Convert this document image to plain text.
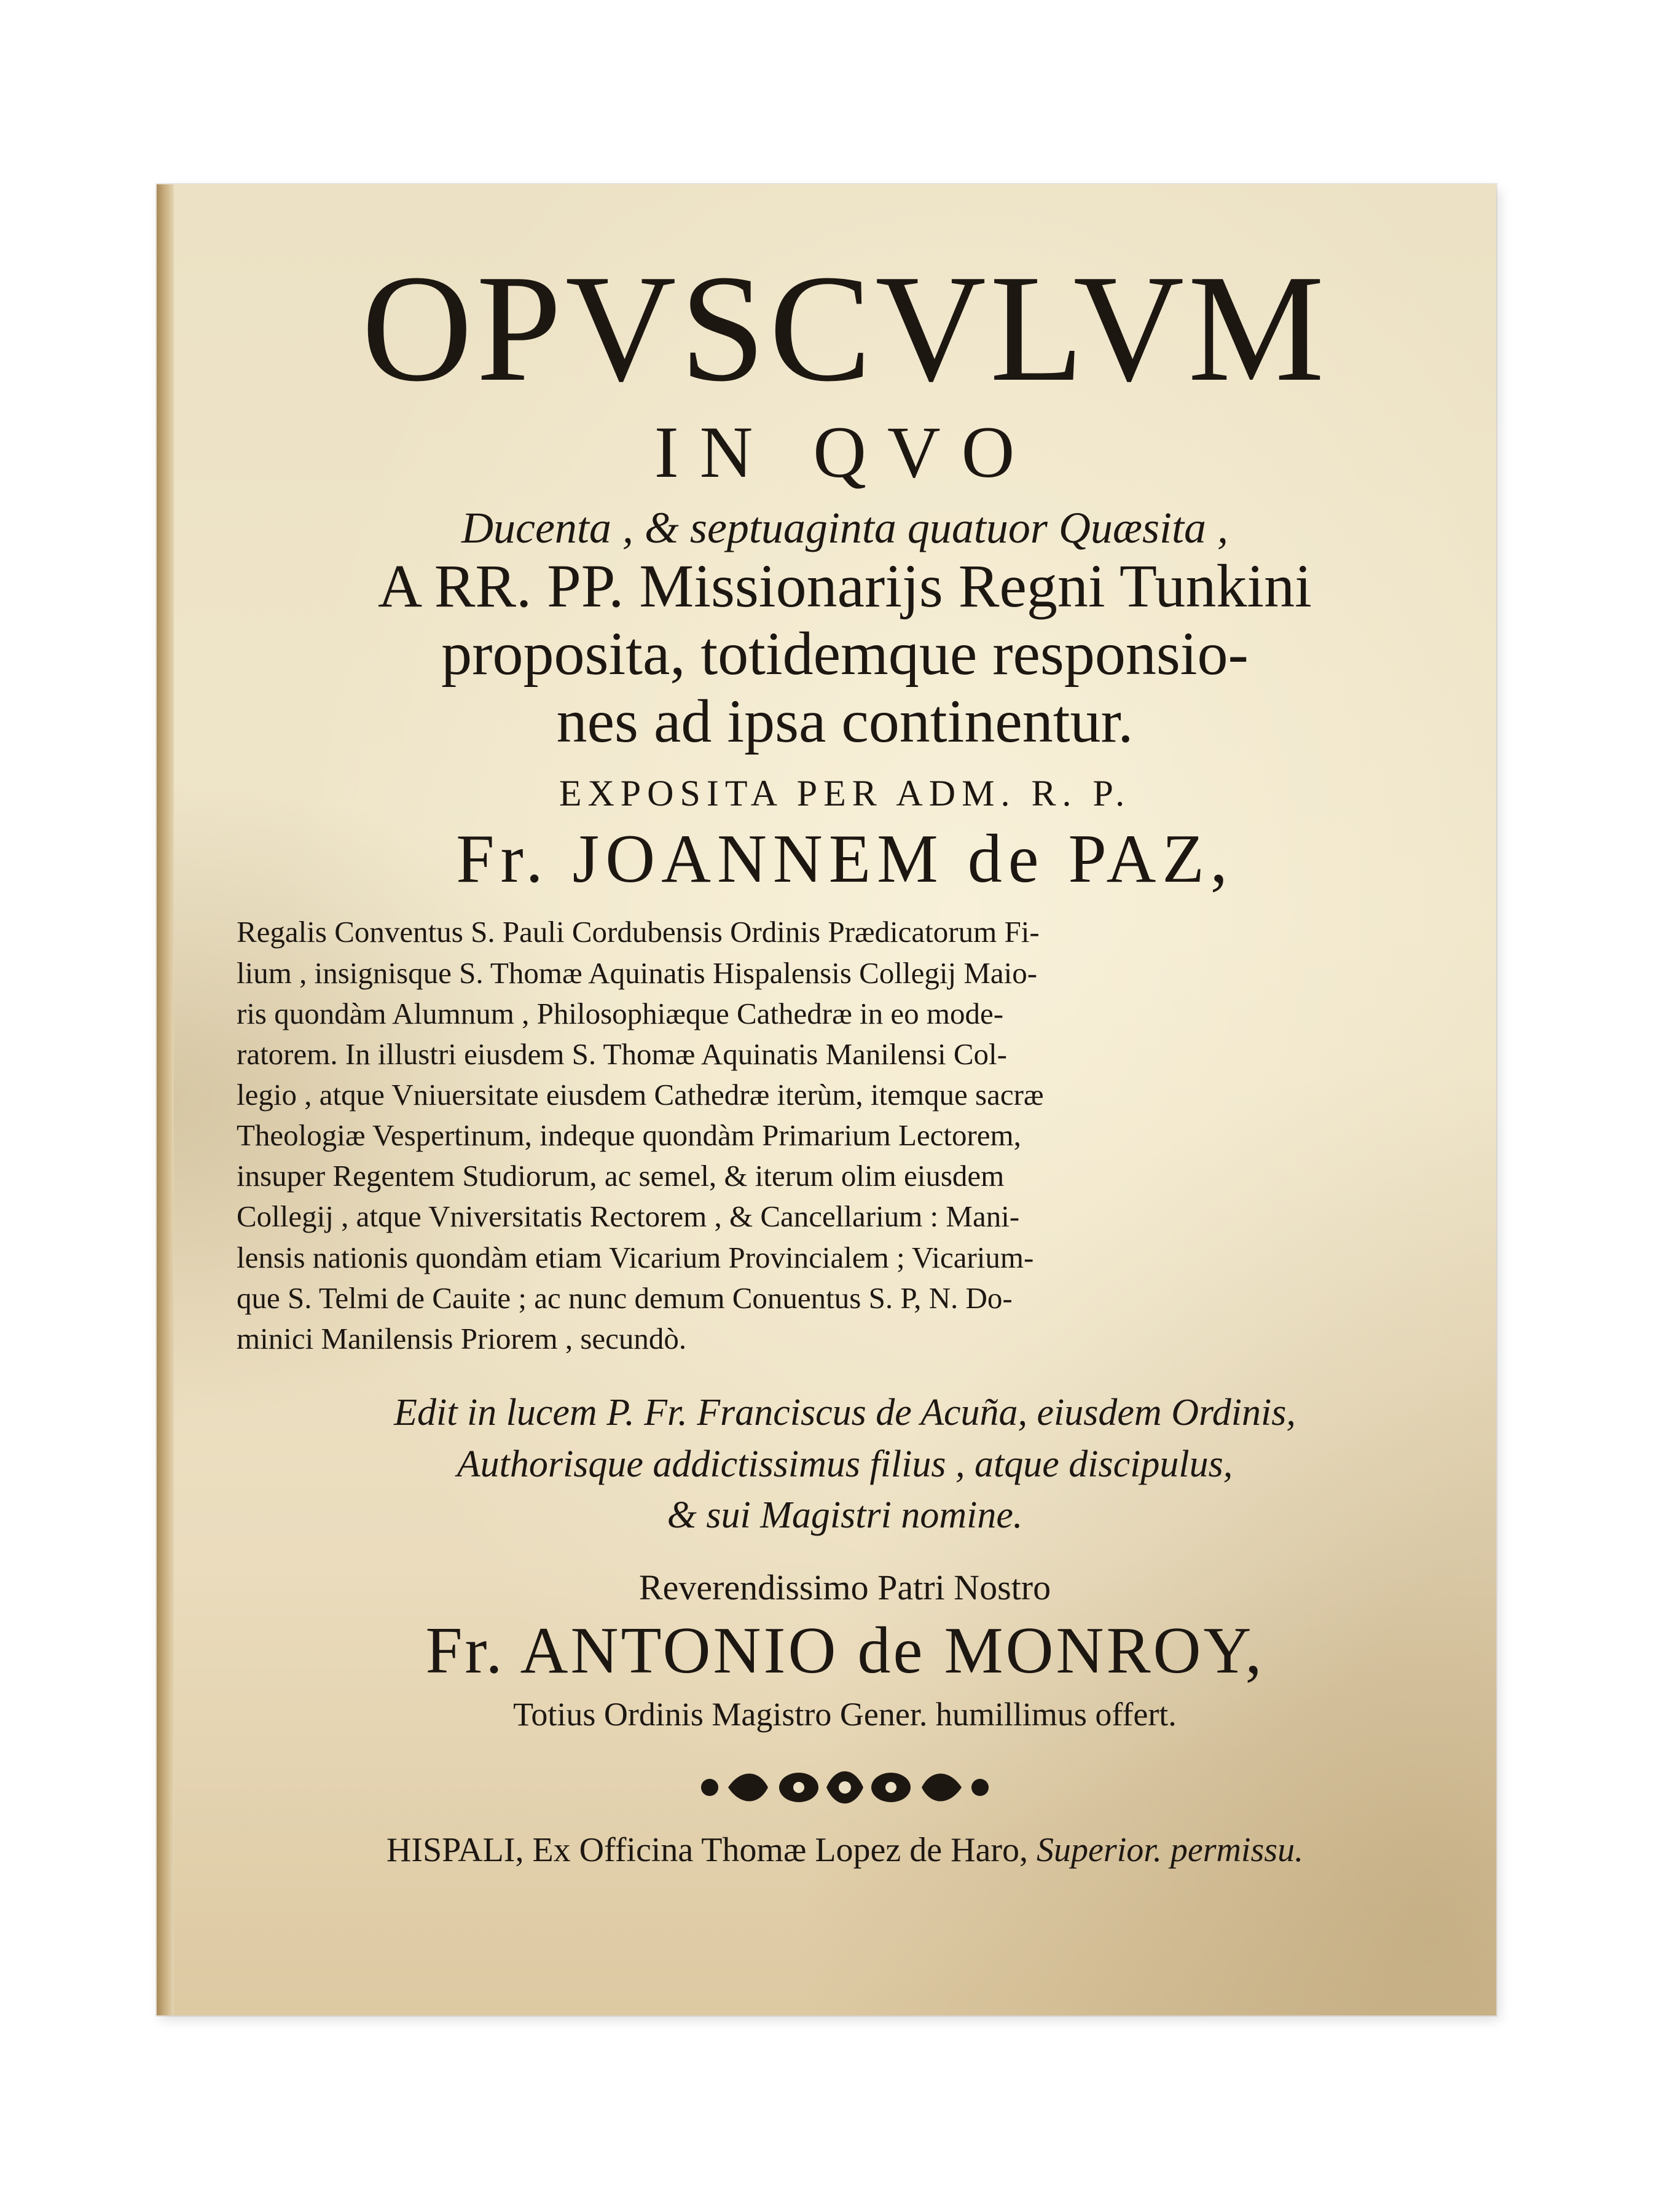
OPVSCVLVM
IN QVO
Ducenta , & septuaginta quatuor Quæsita ,
A RR. PP. Missionarijs Regni Tunkini
proposita, totidemque responsio-
nes ad ipsa continentur.
EXPOSITA PER ADM. R. P.
Fr. JOANNEM de PAZ,
Regalis Conventus S. Pauli Cordubensis Ordinis Prædicatorum Fi-
lium , insignisque S. Thomæ Aquinatis Hispalensis Collegij Maio-
ris quondàm Alumnum , Philosophiæque Cathedræ in eo mode-
ratorem. In illustri eiusdem S. Thomæ Aquinatis Manilensi Col-
legio , atque Vniuersitate eiusdem Cathedræ iterùm, itemque sacræ
Theologiæ Vespertinum, indeque quondàm Primarium Lectorem,
insuper Regentem Studiorum, ac semel, & iterum olim eiusdem
Collegij , atque Vniversitatis Rectorem , & Cancellarium : Mani-
lensis nationis quondàm etiam Vicarium Provincialem ; Vicarium-
que S. Telmi de Cauite ; ac nunc demum Conuentus S. P, N. Do-
minici Manilensis Priorem , secundò.
Edit in lucem P. Fr. Franciscus de Acuña, eiusdem Ordinis,
Authorisque addictissimus filius , atque discipulus,
& sui Magistri nomine.
Reverendissimo Patri Nostro
Fr. ANTONIO de MONROY,
Totius Ordinis Magistro Gener. humillimus offert.
HISPALI, Ex Officina Thomæ Lopez de Haro, Superior. permissu.
